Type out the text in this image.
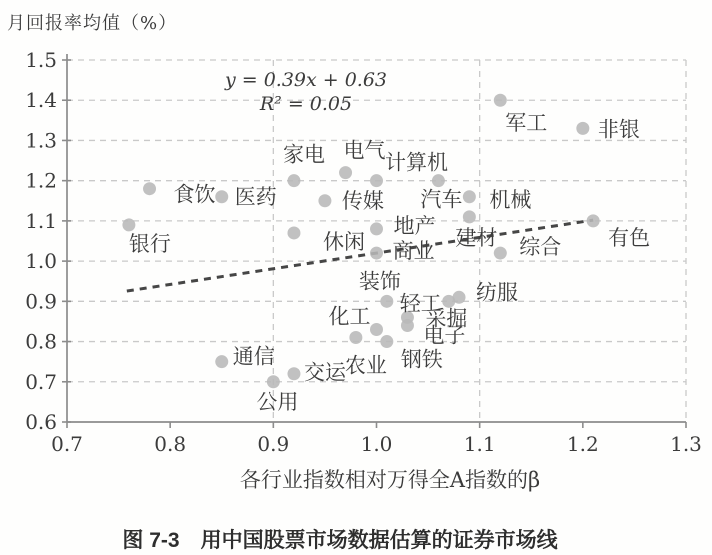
1.5
1.4
1.3
1.2
1.1
1.0
0.9
0.8
0.7
0.6
0.7	0.8	0.9	1.0	1.1	1.2	1.3
银行
食饮 医药
家电 电气
计算机
汽车 机械
建材
军工 非银
有色
综合
地产
商业
传媒
休闲
装饰
轻工 纺服
采掘
电子
化工
钢铁
农业
通信
交运
公用
月回报率均值（%）
y = 0.39x + 0.63
R² = 0.05
各行业指数相对万得全A指数的β
图 7-3　用中国股票市场数据估算的证券市场线
